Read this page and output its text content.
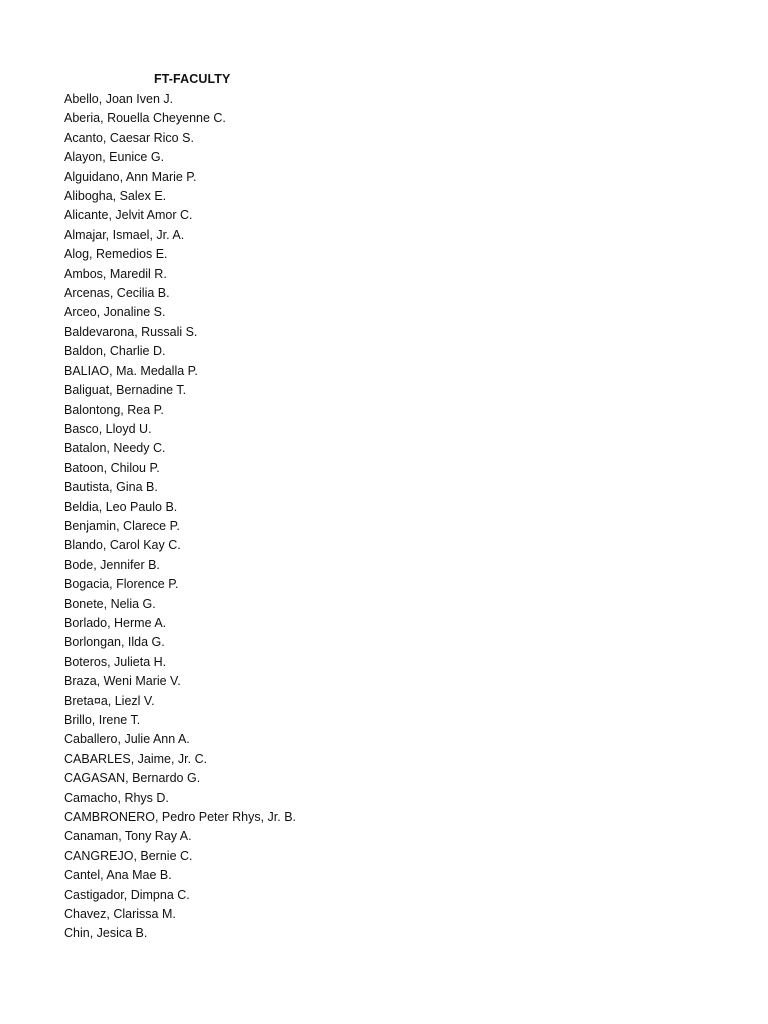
FT-FACULTY
Abello, Joan Iven J.
Aberia, Rouella Cheyenne C.
Acanto, Caesar Rico S.
Alayon, Eunice G.
Alguidano, Ann Marie P.
Alibogha, Salex E.
Alicante, Jelvit Amor C.
Almajar, Ismael, Jr. A.
Alog, Remedios E.
Ambos, Maredil R.
Arcenas, Cecilia B.
Arceo, Jonaline S.
Baldevarona, Russali S.
Baldon, Charlie D.
BALIAO, Ma. Medalla P.
Baliguat, Bernadine T.
Balontong, Rea P.
Basco, Lloyd U.
Batalon, Needy C.
Batoon, Chilou P.
Bautista, Gina B.
Beldia, Leo Paulo B.
Benjamin, Clarece P.
Blando, Carol Kay C.
Bode, Jennifer B.
Bogacia, Florence P.
Bonete, Nelia G.
Borlado, Herme A.
Borlongan, Ilda G.
Boteros, Julieta H.
Braza, Weni Marie V.
Breta¤a, Liezl V.
Brillo, Irene T.
Caballero, Julie Ann A.
CABARLES, Jaime, Jr. C.
CAGASAN, Bernardo G.
Camacho, Rhys D.
CAMBRONERO, Pedro Peter Rhys, Jr. B.
Canaman, Tony Ray A.
CANGREJO, Bernie C.
Cantel, Ana Mae B.
Castigador, Dimpna C.
Chavez, Clarissa M.
Chin, Jesica B.
